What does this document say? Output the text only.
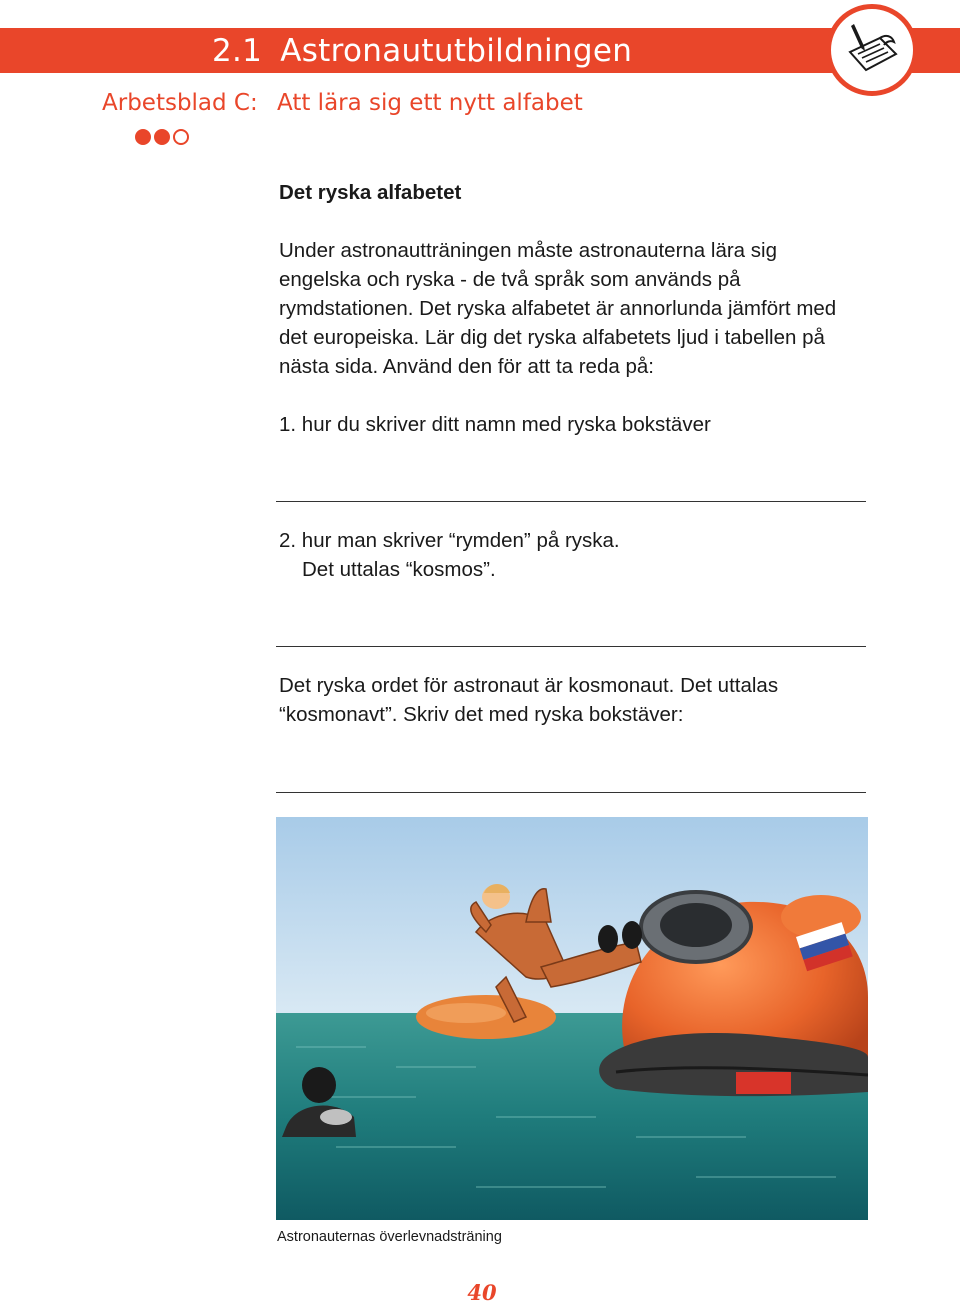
2.1 Astronaututbildningen
Arbetsblad C: Att lära sig ett nytt alfabet
Det ryska alfabetet
Under astronautträningen måste astronauterna lära sig engelska och ryska - de två språk som används på rymdstationen. Det ryska alfabetet är annorlunda jämfört med det europeiska. Lär dig det ryska alfabetets ljud i tabellen på nästa sida. Använd den för att ta reda på:
1. hur du skriver ditt namn med ryska bokstäver
2. hur man skriver “rymden” på ryska.
Det uttalas “kosmos”.
Det ryska ordet för astronaut är kosmonaut. Det uttalas “kosmonavt”. Skriv det med ryska bokstäver:
Astronauternas överlevnadsträning
40
